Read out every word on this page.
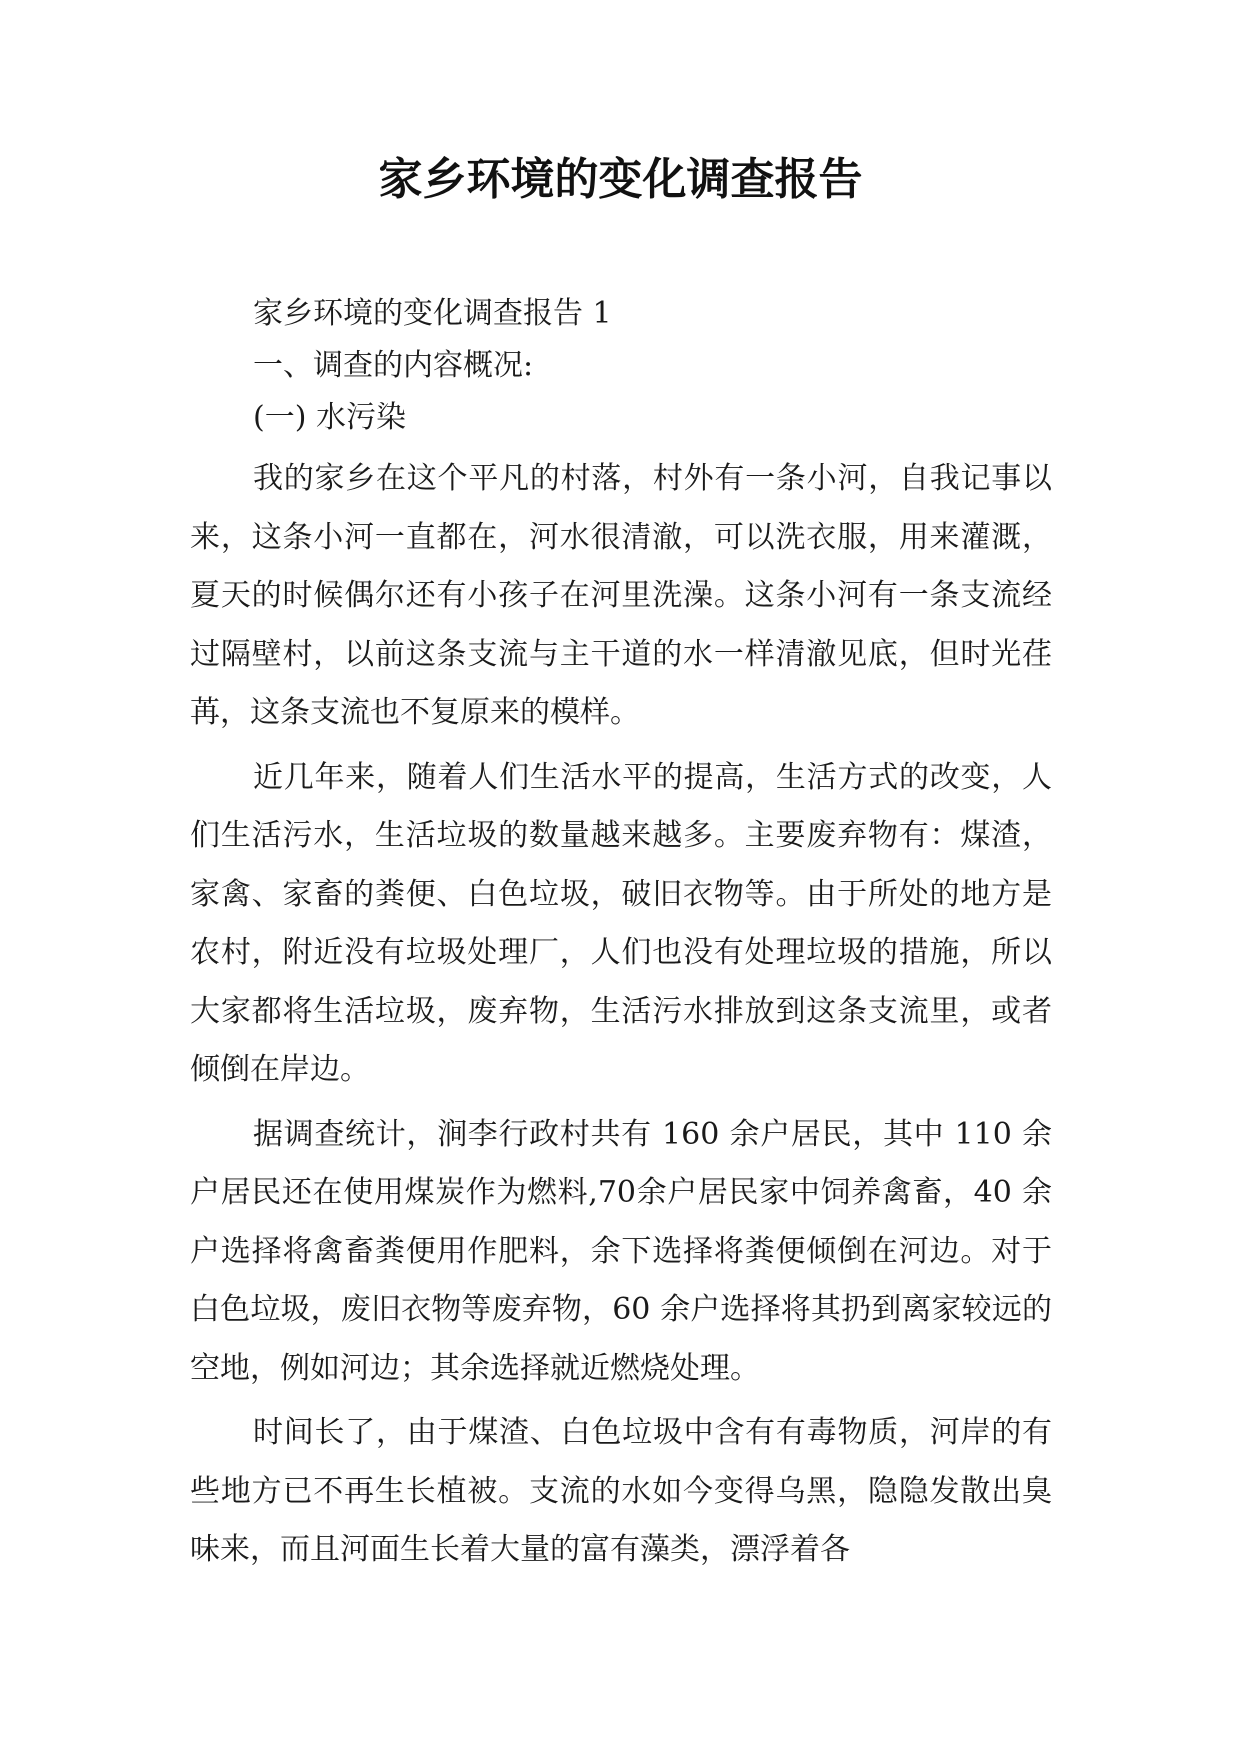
家乡环境的变化调查报告

家乡环境的变化调查报告 1

一、调查的内容概况:

(一) 水污染

我的家乡在这个平凡的村落，村外有一条小河，自我记事以来，这条小河一直都在，河水很清澈，可以洗衣服，用来灌溉，夏天的时候偶尔还有小孩子在河里洗澡。这条小河有一条支流经过隔壁村，以前这条支流与主干道的水一样清澈见底，但时光荏苒，这条支流也不复原来的模样。

近几年来，随着人们生活水平的提高，生活方式的改变，人们生活污水，生活垃圾的数量越来越多。主要废弃物有：煤渣，家禽、家畜的粪便、白色垃圾，破旧衣物等。由于所处的地方是农村，附近没有垃圾处理厂，人们也没有处理垃圾的措施，所以大家都将生活垃圾，废弃物，生活污水排放到这条支流里，或者倾倒在岸边。

据调查统计，涧李行政村共有 160 余户居民，其中 110 余户居民还在使用煤炭作为燃料,70余户居民家中饲养禽畜，40 余户选择将禽畜粪便用作肥料，余下选择将粪便倾倒在河边。对于白色垃圾，废旧衣物等废弃物，60 余户选择将其扔到离家较远的空地，例如河边；其余选择就近燃烧处理。

时间长了，由于煤渣、白色垃圾中含有有毒物质，河岸的有些地方已不再生长植被。支流的水如今变得乌黑，隐隐发散出臭味来，而且河面生长着大量的富有藻类，漂浮着各
